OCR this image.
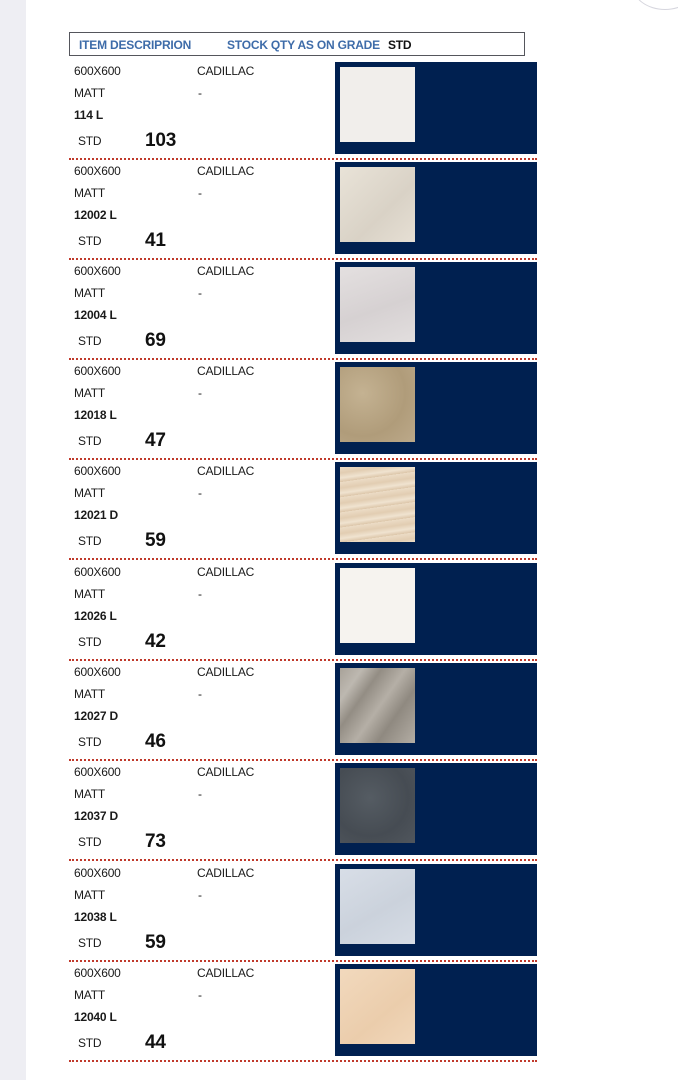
ITEM DESCRIPRION	STOCK QTY AS ON GRADE STD
600X600
MATT
114 L
STD 103
CADILLAC
-
600X600
MATT
12002 L
STD 41
CADILLAC
-
600X600
MATT
12004 L
STD 69
CADILLAC
-
600X600
MATT
12018 L
STD 47
CADILLAC
-
600X600
MATT
12021 D
STD 59
CADILLAC
-
600X600
MATT
12026 L
STD 42
CADILLAC
-
600X600
MATT
12027 D
STD 46
CADILLAC
-
600X600
MATT
12037 D
STD 73
CADILLAC
-
600X600
MATT
12038 L
STD 59
CADILLAC
-
600X600
MATT
12040 L
STD 44
CADILLAC
-
